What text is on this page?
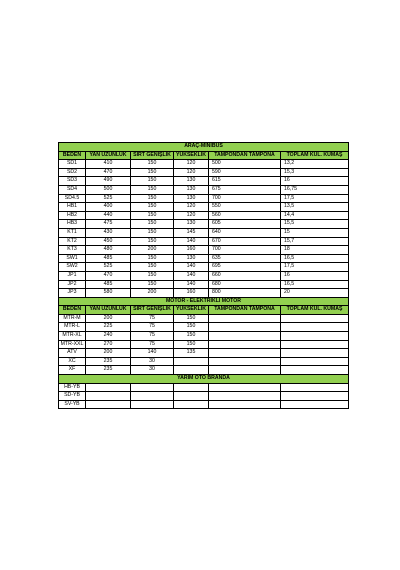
ARAÇ-MİNİBÜS					
BEDEN	YAN UZUNLUK	SIRT GENİŞLİK	YÜKSEKLİK	TAMPONDAN TAMPONA	TOPLAM KUL. KUMAŞ
SD1	410	150	120	500	13,2
SD2	470	150	120	590	15,3
SD3	490	150	130	615	16
SD4	500	150	130	675	16,75
SD4.5	525	150	130	700	17,5
HB1	400	150	120	550	13,5
HB2	440	150	120	560	14,4
HB3	475	150	130	605	15,5
KT1	430	150	145	640	15
KT2	450	150	140	670	15,7
KT3	480	200	160	700	18
SW1	485	150	130	635	16,5
SW2	525	150	140	695	17,5
JP1	470	150	140	660	16
JP2	485	150	140	680	16,5
JP3	580	200	160	800	20
MOTOR - ELEKTRİKLİ MOTOR					
BEDEN	YAN UZUNLUK	SIRT GENİŞLİK	YÜKSEKLİK	TAMPONDAN TAMPONA	TOPLAM KUL. KUMAŞ
MTR-M	200	75	150		
MTR-L	225	75	150		
MTR-XL	240	75	150		
MTR-XXL	270	75	150		
ATV	200	140	135		
XC	235	30			
XF	235	30			
YARIM OTO BRANDA					
HB-YB					
SD-YB					
SV-YB					
